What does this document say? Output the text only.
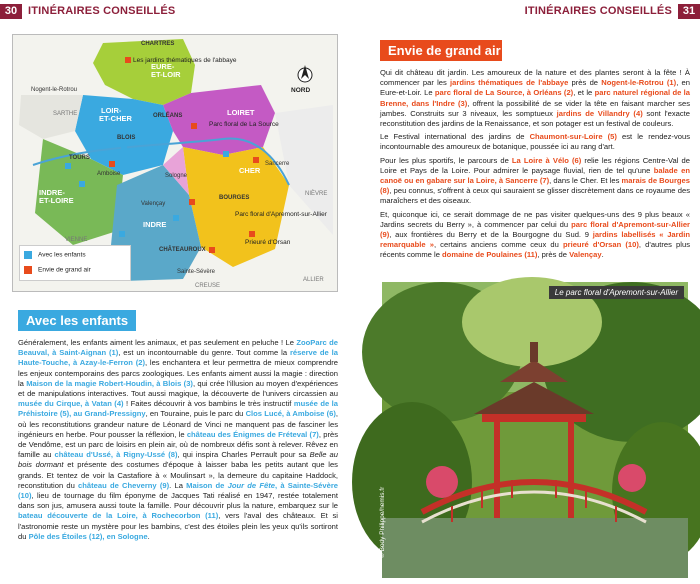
30 ITINÉRAIRES CONSEILLÉS
CHARTRES
Nogent-le-Rotrou
SARTHE	ORLÉANS
BLOIS
TOURS
Amboise	Sologne
Valençay
BOURGES
Sancerre
CHÂTEAUROUX
Sainte-Sévère
VIENNE
CREUSE
ALLIER
NIÈVRE
EURE-
ET-LOIR
LOIR-
ET-CHER
LOIRET
CHER
INDRE-
ET-LOIRE
INDRE
NORD
Les jardins thématiques de l'abbaye
Parc floral de La Source
Parc floral d'Apremont-sur-Allier
Prieuré d'Orsan
Avec les enfants
Envie de grand air
Avec les enfants

Généralement, les enfants aiment les animaux, et pas seulement en peluche ! Le ZooParc de Beauval, à Saint-Aignan (1), est un incontournable du genre. Tout comme la réserve de la Haute-Touche, à Azay-le-Ferron (2), les enchantera et leur permettra de mieux comprendre les enjeux contemporains des parcs zoologiques. Les enfants aiment aussi la magie : direction la Maison de la magie Robert-Houdin, à Blois (3), qui crée l'illusion au moyen d'expériences et de manipulations interactives. Tout aussi magique, la découverte de l'univers circassien au musée du Cirque, à Vatan (4) ! Faites découvrir à vos bambins le très instructif musée de la Préhistoire (5), au Grand-Pressigny, en Touraine, puis le parc du Clos Lucé, à Amboise (6), où les reconstitutions grandeur nature de Léonard de Vinci ne manquent pas de fasciner les ingénieurs en herbe. Pour pousser la réflexion, le château des Énigmes de Fréteval (7), près de Vendôme, est un parc de loisirs en plein air, où de nombreux défis sont à relever. Rêvez en famille au château d'Ussé, à Rigny-Ussé (8), qui inspira Charles Perrault pour sa Belle au bois dormant et présente des costumes d'époque à laisser baba les petits autant que les grands. Et tentez de voir la Castafiore à « Moulinsart », la demeure du capitaine Haddock, reconstitution du château de Cheverny (9). La Maison de Jour de Fête, à Sainte-Sévère (10), lieu de tournage du film éponyme de Jacques Tati réalisé en 1947, restée totalement dans son jus, amusera aussi toute la famille. Pour découvrir plus la nature, embarquez sur le bateau découverte de la Loire, à Rochecorbon (11), vers l'aval des châteaux. Et si l'astronomie reste un mystère pour les bambins, c'est des étoiles plein les yeux qu'ils sortiront du Pôle des Étoiles (12), en Sologne.

ITINÉRAIRES CONSEILLÉS 31
Envie de grand air

Qui dit château dit jardin. Les amoureux de la nature et des plantes seront à la fête ! À commencer par les jardins thématiques de l'abbaye près de Nogent-le-Rotrou (1), en Eure-et-Loir. Le parc floral de La Source, à Orléans (2), et le parc naturel régional de la Brenne, dans l'Indre (3), offrent la possibilité de se vider la tête en faisant marcher ses jambes. Construits sur 3 niveaux, les somptueux jardins de Villandry (4) sont l'exacte reconstitution des jardins de la Renaissance, et son potager est un festival de couleurs.

Le Festival international des jardins de Chaumont-sur-Loire (5) est le rendez-vous incontournable des amoureux de botanique, poussée ici au rang d'art.

Pour les plus sportifs, le parcours de La Loire à Vélo (6) relie les régions Centre-Val de Loire et Pays de la Loire. Pour admirer le paysage fluvial, rien de tel qu'une balade en canoë ou en gabare sur la Loire, à Sancerre (7), dans le Cher. Et les marais de Bourges (8), peu connus, s'offrent à ceux qui sauraient se glisser discrètement dans ce royaume des maraîchers et des oiseaux.

Et, quiconque ici, ce serait dommage de ne pas visiter quelques-uns des 9 plus beaux « Jardins secrets du Berry », à commencer par celui du parc floral d'Apremont-sur-Allier (9), aux frontières du Berry et de la Bourgogne du Sud. 9 jardins labellisés « Jardin remarquable », certains anciens comme ceux du prieuré d'Orsan (10), d'autres plus récents comme le domaine de Poulaines (11), près de Valençay.

Le parc floral d'Apremont-sur-Allier
© Body Philippe/hemis.fr
